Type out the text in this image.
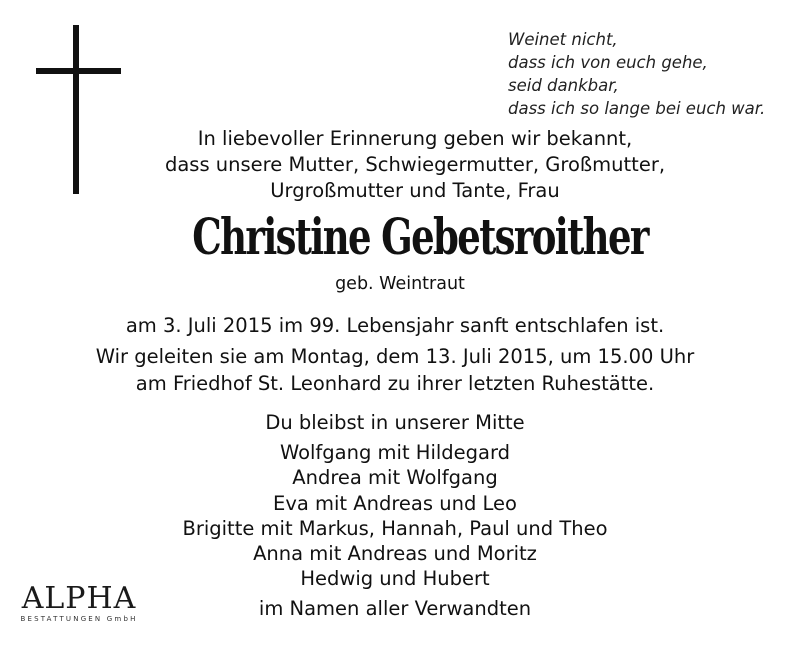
Weinet nicht,
dass ich von euch gehe,
seid dankbar,
dass ich so lange bei euch war.
In liebevoller Erinnerung geben wir bekannt,
dass unsere Mutter, Schwiegermutter, Großmutter,
Urgroßmutter und Tante, Frau
Christine Gebetsroither
geb. Weintraut
am 3. Juli 2015 im 99. Lebensjahr sanft entschlafen ist.
Wir geleiten sie am Montag, dem 13. Juli 2015, um 15.00 Uhr
am Friedhof St. Leonhard zu ihrer letzten Ruhestätte.
Du bleibst in unserer Mitte
Wolfgang mit Hildegard
Andrea mit Wolfgang
Eva mit Andreas und Leo
Brigitte mit Markus, Hannah, Paul und Theo
Anna mit Andreas und Moritz
Hedwig und Hubert
im Namen aller Verwandten
ALPHA
BESTATTUNGEN GmbH
